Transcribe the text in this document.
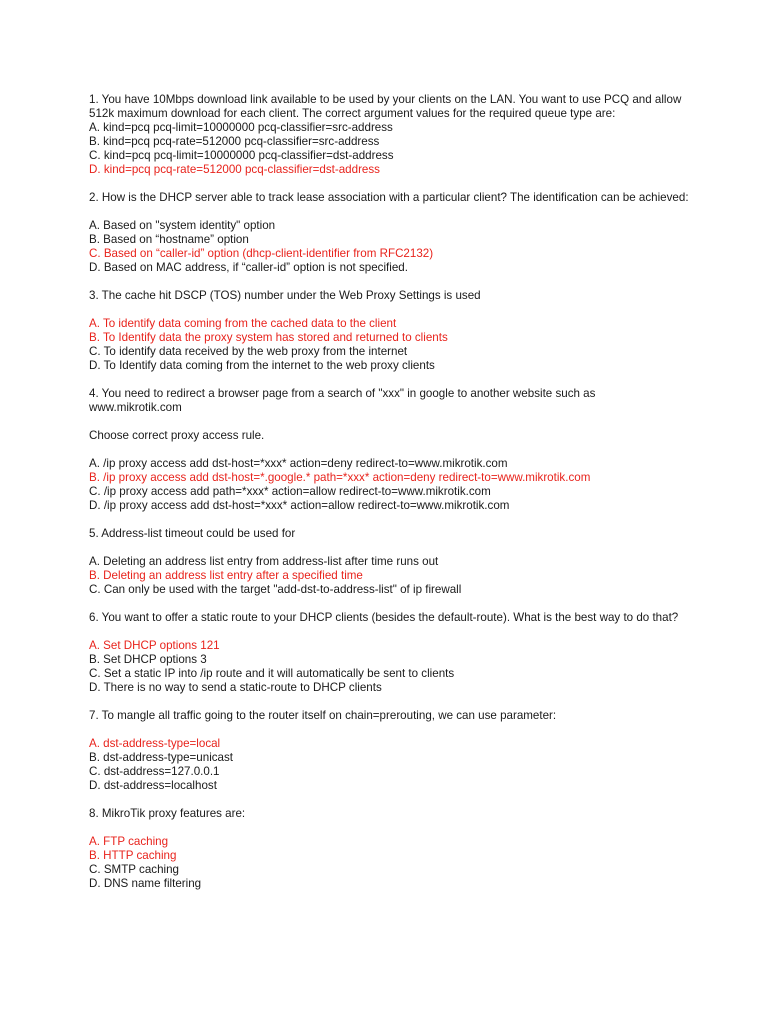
1. You have 10Mbps download link available to be used by your clients on the LAN. You want to use PCQ and allow 512k maximum download for each client. The correct argument values for the required queue type are:

A. kind=pcq pcq-limit=10000000 pcq-classifier=src-address

B. kind=pcq pcq-rate=512000 pcq-classifier=src-address

C. kind=pcq pcq-limit=10000000 pcq-classifier=dst-address

D. kind=pcq pcq-rate=512000 pcq-classifier=dst-address

2. How is the DHCP server able to track lease association with a particular client? The identification can be achieved:

A. Based on "system identity" option

B. Based on “hostname” option

C. Based on “caller-id” option (dhcp-client-identifier from RFC2132)

D. Based on MAC address, if “caller-id” option is not specified.

3. The cache hit DSCP (TOS) number under the Web Proxy Settings is used

A. To identify data coming from the cached data to the client

B. To Identify data the proxy system has stored and returned to clients

C. To identify data received by the web proxy from the internet

D. To Identify data coming from the internet to the web proxy clients

4. You need to redirect a browser page from a search of "xxx" in google to another website such as www.mikrotik.com

Choose correct proxy access rule.

A. /ip proxy access add dst-host=*xxx* action=deny redirect-to=www.mikrotik.com

B. /ip proxy access add dst-host=*.google.* path=*xxx* action=deny redirect-to=www.mikrotik.com

C. /ip proxy access add path=*xxx* action=allow redirect-to=www.mikrotik.com

D. /ip proxy access add dst-host=*xxx* action=allow redirect-to=www.mikrotik.com

5. Address-list timeout could be used for

A. Deleting an address list entry from address-list after time runs out

B. Deleting an address list entry after a specified time

C. Can only be used with the target "add-dst-to-address-list" of ip firewall

6. You want to offer a static route to your DHCP clients (besides the default-route). What is the best way to do that?

A. Set DHCP options 121

B. Set DHCP options 3

C. Set a static IP into /ip route and it will automatically be sent to clients

D. There is no way to send a static-route to DHCP clients

7. To mangle all traffic going to the router itself on chain=prerouting, we can use parameter:

A. dst-address-type=local

B. dst-address-type=unicast

C. dst-address=127.0.0.1

D. dst-address=localhost

8. MikroTik proxy features are:

A. FTP caching

B. HTTP caching

C. SMTP caching

D. DNS name filtering
